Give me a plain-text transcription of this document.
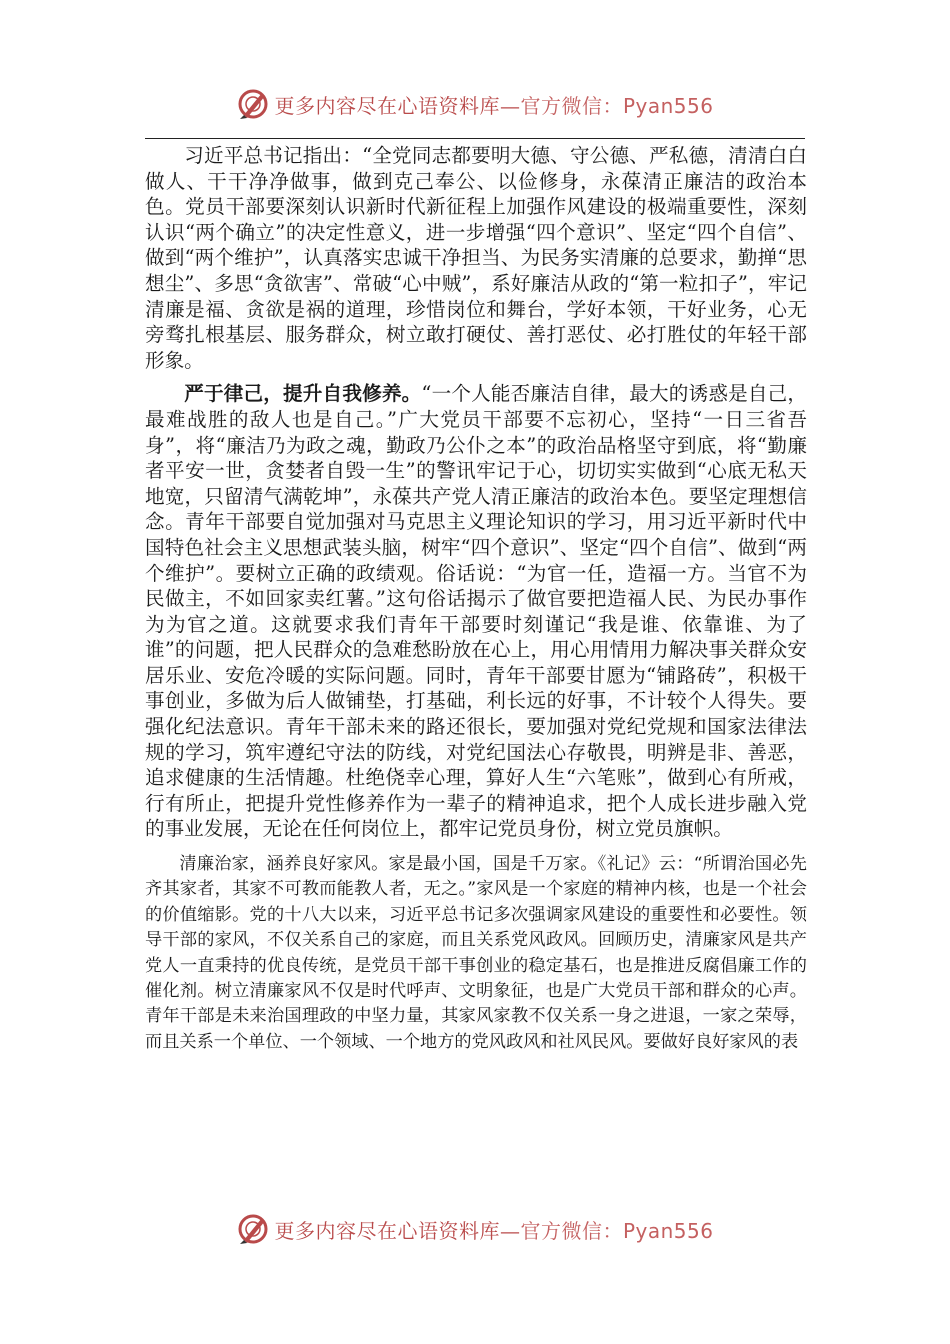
更多内容尽在心语资料库—官方微信：Pyan556

习近平总书记指出：“全党同志都要明大德、守公德、严私德，清清白白做人、干干净净做事，做到克己奉公、以俭修身，永葆清正廉洁的政治本色。党员干部要深刻认识新时代新征程上加强作风建设的极端重要性，深刻认识“两个确立”的决定性意义，进一步增强“四个意识”、坚定“四个自信”、做到“两个维护”，认真落实忠诚干净担当、为民务实清廉的总要求，勤掸“思想尘”、多思“贪欲害”、常破“心中贼”，系好廉洁从政的“第一粒扣子”，牢记清廉是福、贪欲是祸的道理，珍惜岗位和舞台，学好本领，干好业务，心无旁骛扎根基层、服务群众，树立敢打硬仗、善打恶仗、必打胜仗的年轻干部形象。

严于律己，提升自我修养。“一个人能否廉洁自律，最大的诱惑是自己，最难战胜的敌人也是自己。”广大党员干部要不忘初心，坚持“一日三省吾身”，将“廉洁乃为政之魂，勤政乃公仆之本”的政治品格坚守到底，将“勤廉者平安一世，贪婪者自毁一生”的警讯牢记于心，切切实实做到“心底无私天地宽，只留清气满乾坤”，永葆共产党人清正廉洁的政治本色。要坚定理想信念。青年干部要自觉加强对马克思主义理论知识的学习，用习近平新时代中国特色社会主义思想武装头脑，树牢“四个意识”、坚定“四个自信”、做到“两个维护”。要树立正确的政绩观。俗话说：“为官一任，造福一方。当官不为民做主，不如回家卖红薯。”这句俗话揭示了做官要把造福人民、为民办事作为为官之道。这就要求我们青年干部要时刻谨记“我是谁、依靠谁、为了谁”的问题，把人民群众的急难愁盼放在心上，用心用情用力解决事关群众安居乐业、安危冷暖的实际问题。同时，青年干部要甘愿为“铺路砖”，积极干事创业，多做为后人做铺垫，打基础，利长远的好事，不计较个人得失。要强化纪法意识。青年干部未来的路还很长，要加强对党纪党规和国家法律法规的学习，筑牢遵纪守法的防线，对党纪国法心存敬畏，明辨是非、善恶，追求健康的生活情趣。杜绝侥幸心理，算好人生“六笔账”，做到心有所戒，行有所止，把提升党性修养作为一辈子的精神追求，把个人成长进步融入党的事业发展，无论在任何岗位上，都牢记党员身份，树立党员旗帜。

清廉治家，涵养良好家风。家是最小国，国是千万家。《礼记》云：“所谓治国必先齐其家者，其家不可教而能教人者，无之。”家风是一个家庭的精神内核，也是一个社会的价值缩影。党的十八大以来，习近平总书记多次强调家风建设的重要性和必要性。领导干部的家风，不仅关系自己的家庭，而且关系党风政风。回顾历史，清廉家风是共产党人一直秉持的优良传统，是党员干部干事创业的稳定基石，也是推进反腐倡廉工作的催化剂。树立清廉家风不仅是时代呼声、文明象征，也是广大党员干部和群众的心声。青年干部是未来治国理政的中坚力量，其家风家教不仅关系一身之进退，一家之荣辱，而且关系一个单位、一个领域、一个地方的党风政风和社风民风。要做好良好家风的表

更多内容尽在心语资料库—官方微信：Pyan556
